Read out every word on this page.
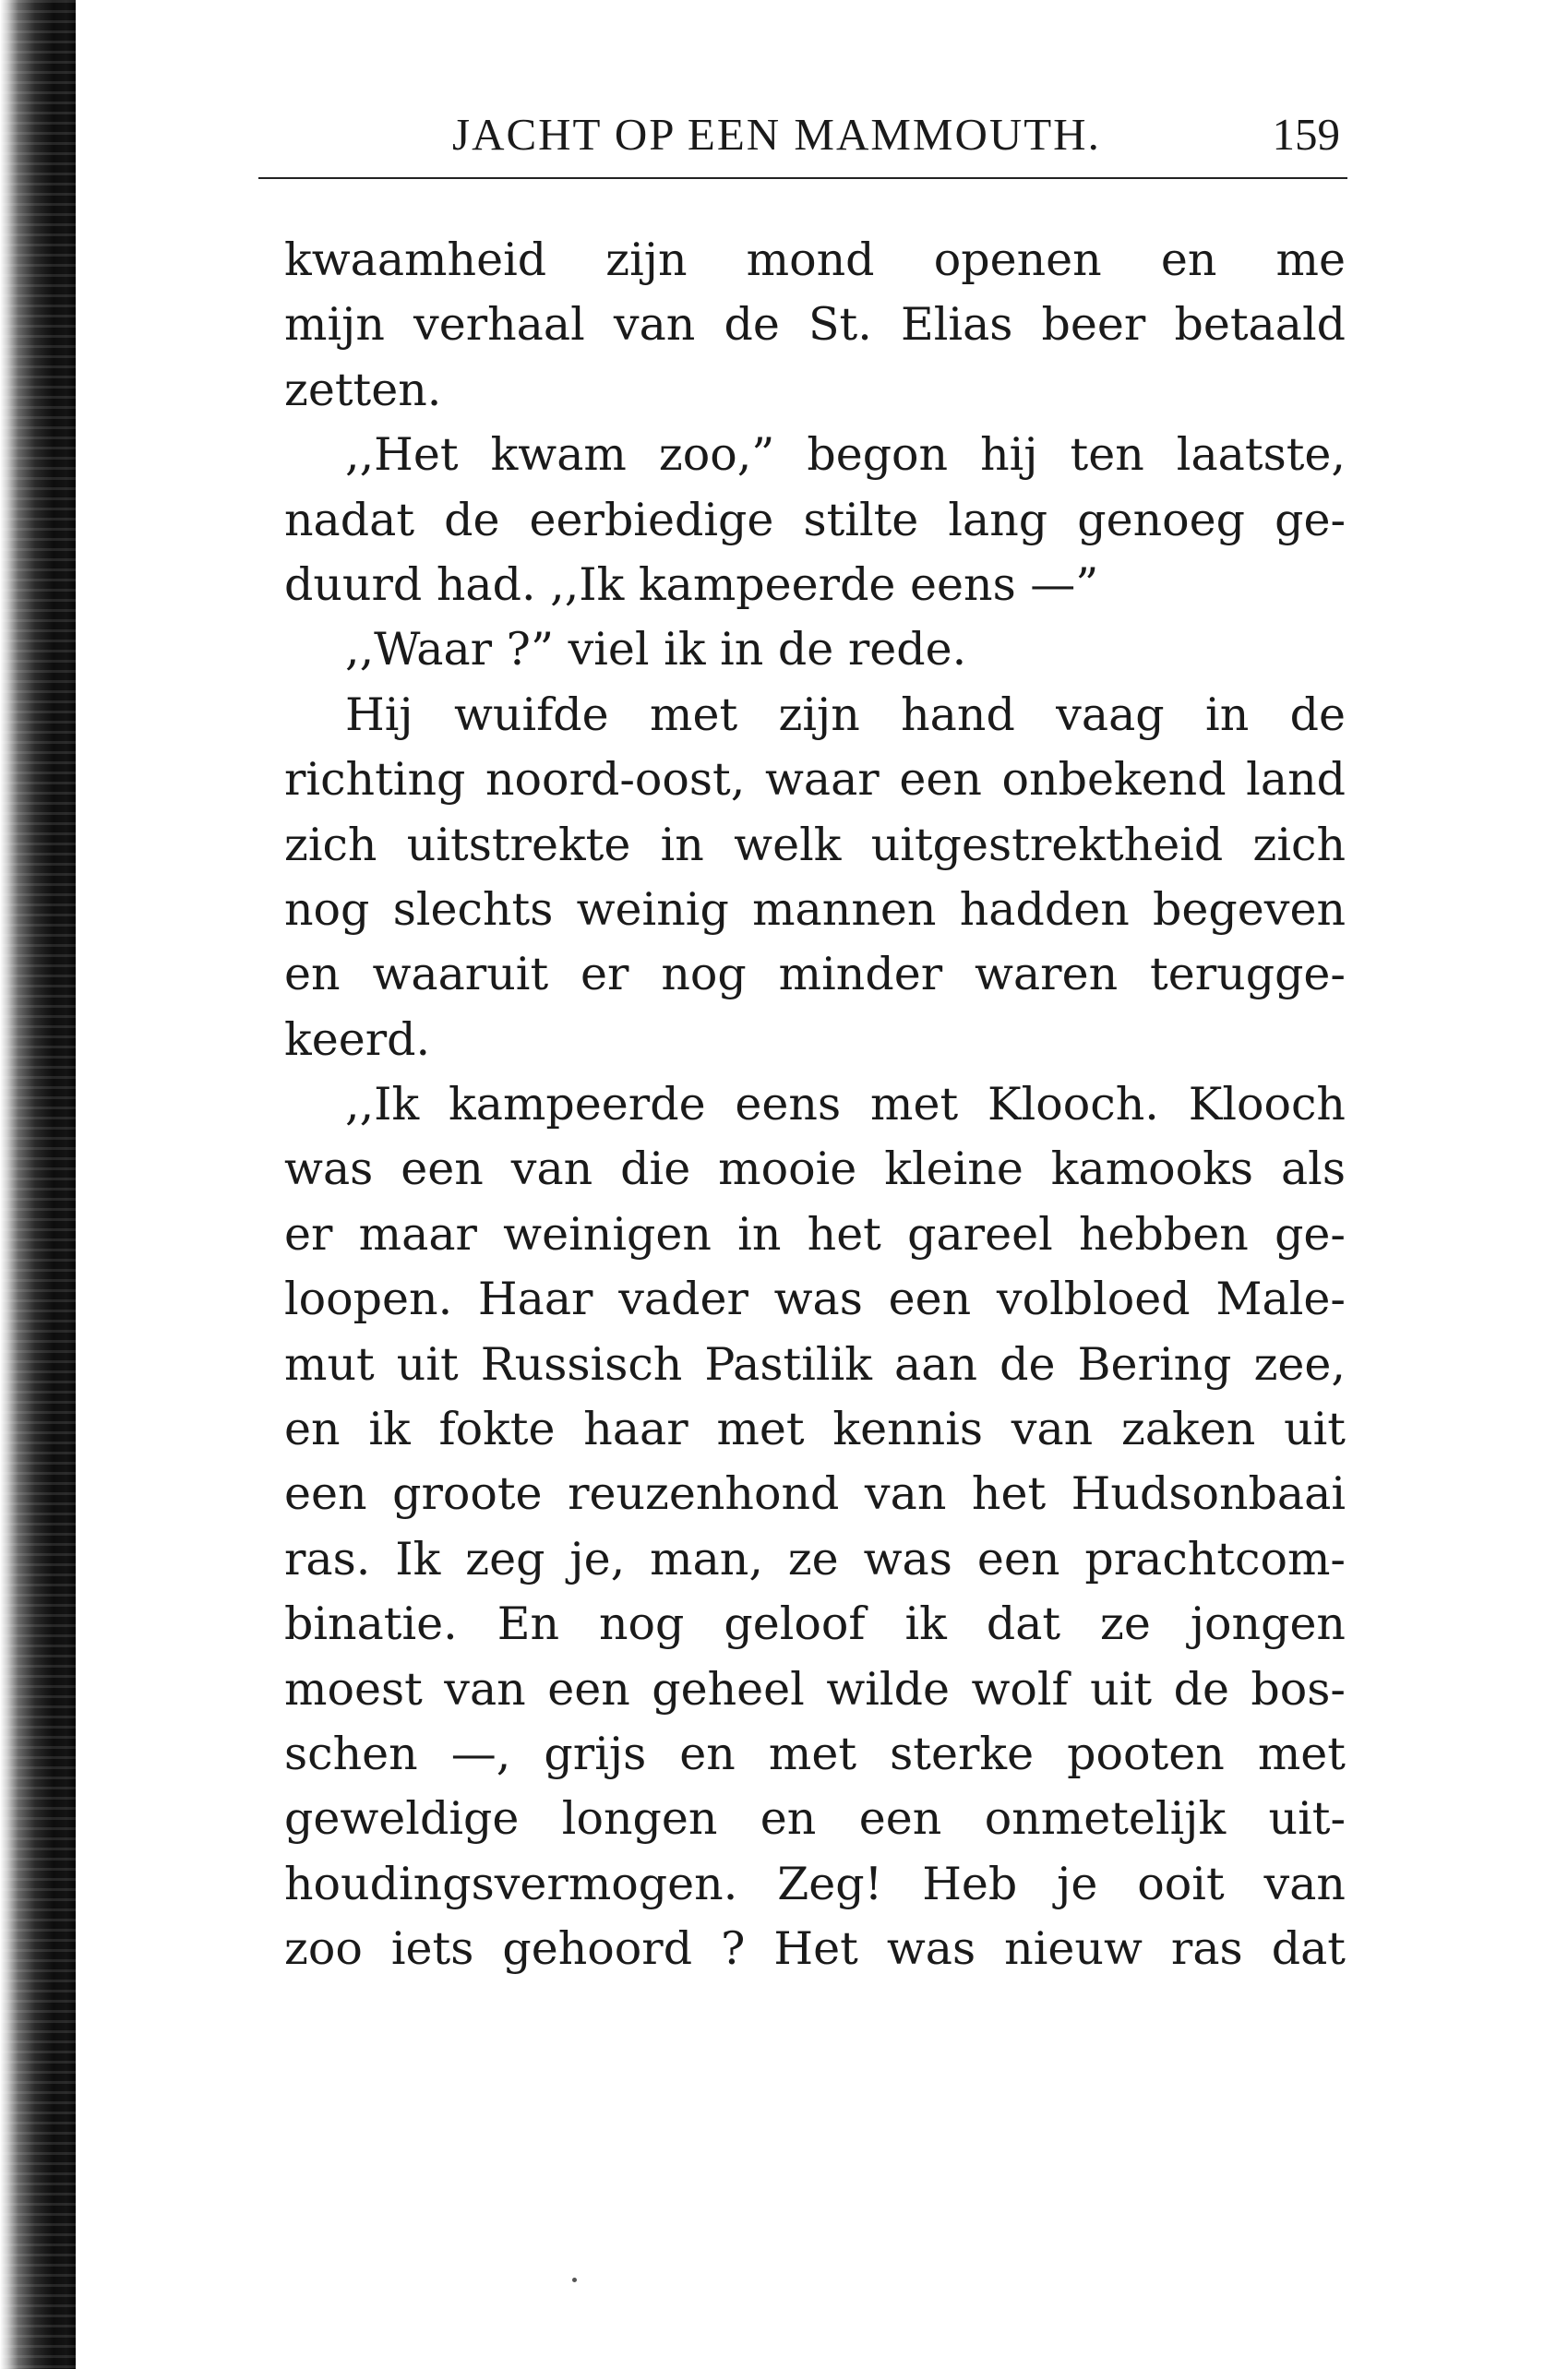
JACHT OP EEN MAMMOUTH.	159
kwaamheid zijn mond openen en me
mijn verhaal van de St. Elias beer betaald
zetten.
,,Het kwam zoo,” begon hij ten laatste,
nadat de eerbiedige stilte lang genoeg ge-
duurd had. ,,Ik kampeerde eens —”
,,Waar ?” viel ik in de rede.
Hij wuifde met zijn hand vaag in de
richting noord-oost, waar een onbekend land
zich uitstrekte in welk uitgestrektheid zich
nog slechts weinig mannen hadden begeven
en waaruit er nog minder waren terugge-
keerd.
,,Ik kampeerde eens met Klooch. Klooch
was een van die mooie kleine kamooks als
er maar weinigen in het gareel hebben ge-
loopen. Haar vader was een volbloed Male-
mut uit Russisch Pastilik aan de Bering zee,
en ik fokte haar met kennis van zaken uit
een groote reuzenhond van het Hudsonbaai
ras. Ik zeg je, man, ze was een prachtcom-
binatie. En nog geloof ik dat ze jongen
moest van een geheel wilde wolf uit de bos-
schen —, grijs en met sterke pooten met
geweldige longen en een onmetelijk uit-
houdingsvermogen. Zeg! Heb je ooit van
zoo iets gehoord ? Het was nieuw ras dat
